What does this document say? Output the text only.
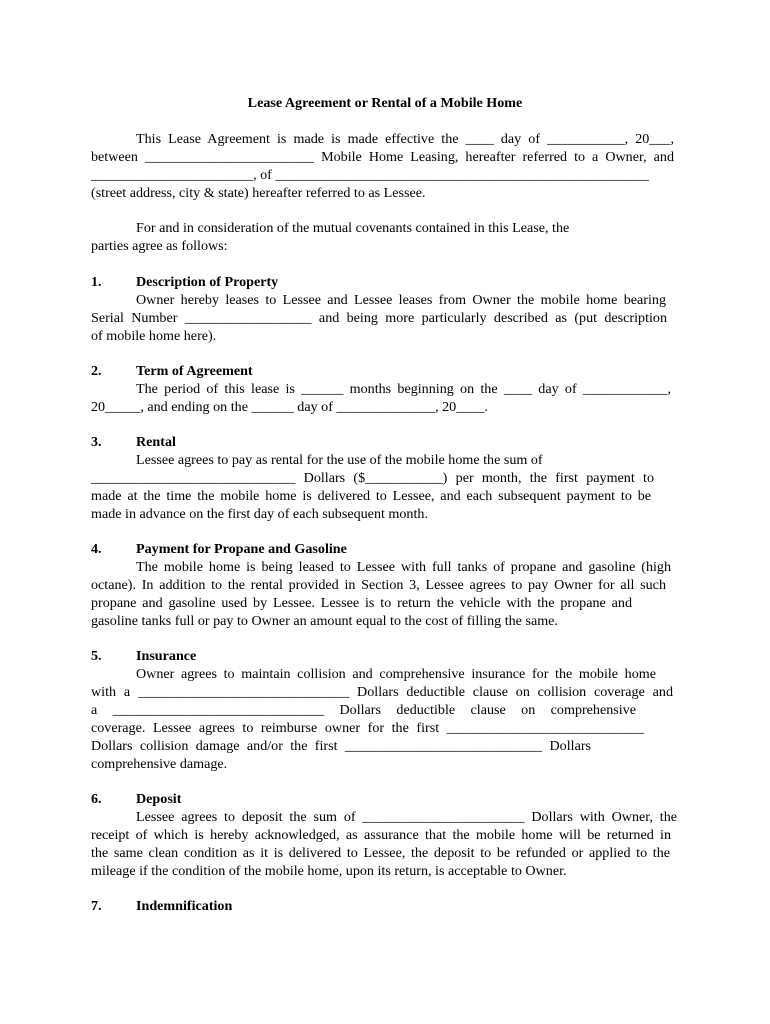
Lease Agreement or Rental of a Mobile Home

This Lease Agreement is made is made effective the ____ day of ___________, 20___,

between ________________________ Mobile Home Leasing, hereafter referred to a Owner, and

_______________________, of _____________________________________________________

(street address, city & state) hereafter referred to as Lessee.

For and in consideration of the mutual covenants contained in this Lease, the

parties agree as follows:

1. Description of Property

Owner hereby leases to Lessee and Lessee leases from Owner the mobile home bearing

Serial Number __________________ and being more particularly described as (put description

of mobile home here).

2. Term of Agreement

The period of this lease is ______ months beginning on the ____ day of ____________,

20_____, and ending on the ______ day of ______________, 20____.

3. Rental

Lessee agrees to pay as rental for the use of the mobile home the sum of

_____________________________ Dollars ($___________) per month, the first payment to

made at the time the mobile home is delivered to Lessee, and each subsequent payment to be

made in advance on the first day of each subsequent month.

4. Payment for Propane and Gasoline

The mobile home is being leased to Lessee with full tanks of propane and gasoline (high

octane). In addition to the rental provided in Section 3, Lessee agrees to pay Owner for all such

propane and gasoline used by Lessee. Lessee is to return the vehicle with the propane and

gasoline tanks full or pay to Owner an amount equal to the cost of filling the same.

5. Insurance

Owner agrees to maintain collision and comprehensive insurance for the mobile home

with a ______________________________ Dollars deductible clause on collision coverage and

a ______________________________ Dollars deductible clause on comprehensive

coverage. Lessee agrees to reimburse owner for the first ____________________________

Dollars collision damage and/or the first ____________________________ Dollars

comprehensive damage.

6. Deposit

Lessee agrees to deposit the sum of _______________________ Dollars with Owner, the

receipt of which is hereby acknowledged, as assurance that the mobile home will be returned in

the same clean condition as it is delivered to Lessee, the deposit to be refunded or applied to the

mileage if the condition of the mobile home, upon its return, is acceptable to Owner.

7. Indemnification
